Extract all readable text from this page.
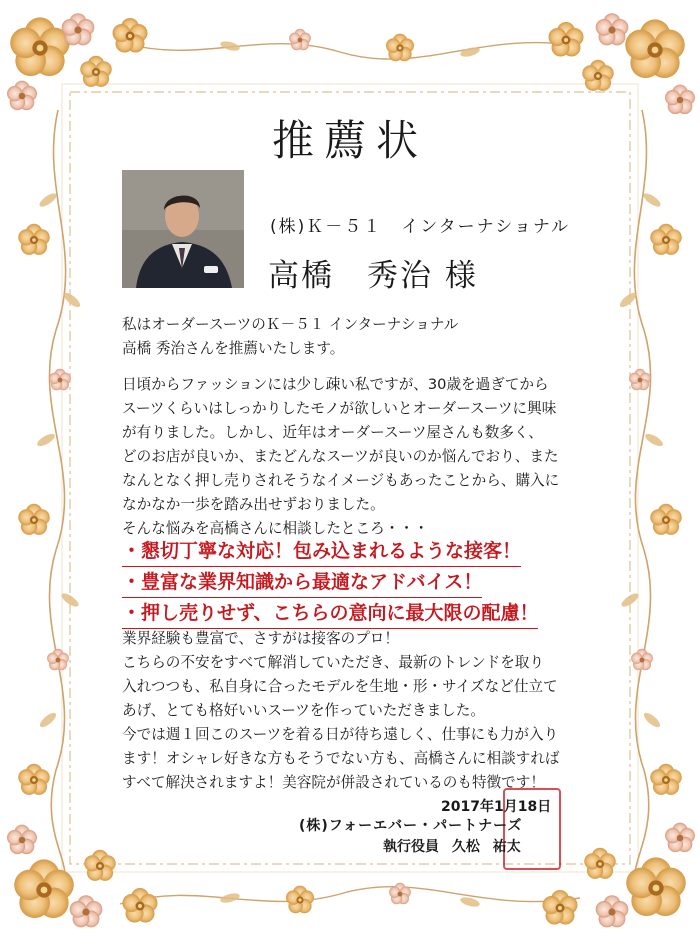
推薦状
(株)Ｋ－５１　インターナショナル
高橋　秀治 様
私はオーダースーツのＫ－５１ インターナショナル
高橋 秀治さんを推薦いたします。
日頃からファッションには少し疎い私ですが、30歳を過ぎてから
スーツくらいはしっかりしたモノが欲しいとオーダースーツに興味
が有りました。しかし、近年はオーダースーツ屋さんも数多く、
どのお店が良いか、またどんなスーツが良いのか悩んでおり、また
なんとなく押し売りされそうなイメージもあったことから、購入に
なかなか一歩を踏み出せずおりました。
そんな悩みを高橋さんに相談したところ・・・
・懇切丁寧な対応！包み込まれるような接客！
・豊富な業界知識から最適なアドバイス！
・押し売りせず、こちらの意向に最大限の配慮！
業界経験も豊富で、さすがは接客のプロ！
こちらの不安をすべて解消していただき、最新のトレンドを取り
入れつつも、私自身に合ったモデルを生地・形・サイズなど仕立て
あげ、とても格好いいスーツを作っていただきました。
今では週１回このスーツを着る日が待ち遠しく、仕事にも力が入り
ます！オシャレ好きな方もそうでない方も、高橋さんに相談すれば
すべて解決されますよ！美容院が併設されているのも特徴です！
2017年1月18日
(株)フォーエバー・パートナーズ
執行役員 久松 祐太
